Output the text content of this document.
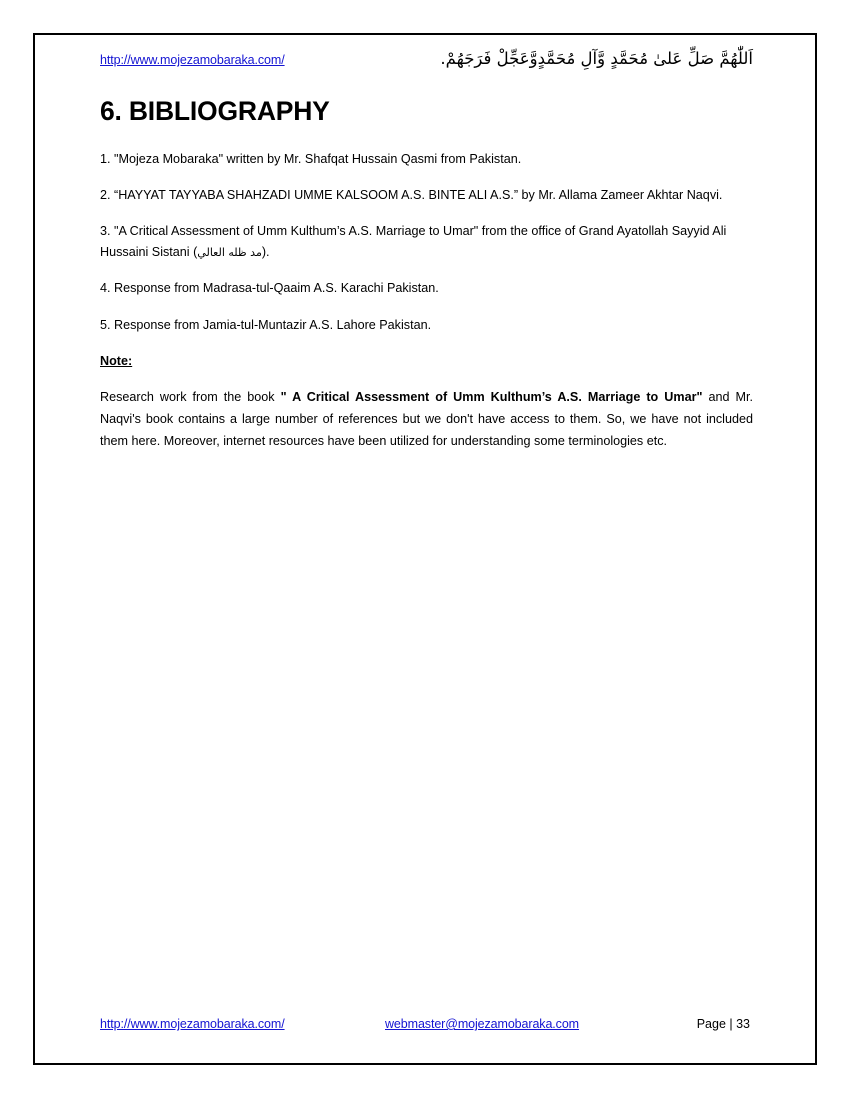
http://www.mojezamobaraka.com/	اَللّٰهُمَّ صَلِّ عَلىٰ مُحَمَّدٍ وَّآلِ مُحَمَّدٍوَّعَجِّلْ فَرَجَهُمْ.
6. BIBLIOGRAPHY

1. "Mojeza Mobaraka" written by Mr. Shafqat Hussain Qasmi from Pakistan.

2. “HAYYAT TAYYABA SHAHZADI UMME KALSOOM A.S. BINTE ALI A.S.” by Mr. Allama Zameer Akhtar Naqvi.

3. "A Critical Assessment of Umm Kulthum’s A.S. Marriage to Umar" from the office of Grand Ayatollah Sayyid Ali Hussaini Sistani (مد ظله العالي).

4. Response from Madrasa-tul-Qaaim A.S. Karachi Pakistan.

5. Response from Jamia-tul-Muntazir A.S. Lahore Pakistan.

Note:

Research work from the book " A Critical Assessment of Umm Kulthum’s A.S. Marriage to Umar" and Mr. Naqvi's book contains a large number of references but we don't have access to them. So, we have not included them here. Moreover, internet resources have been utilized for understanding some terminologies etc.

http://www.mojezamobaraka.com/	webmaster@mojezamobaraka.com	Page | 33
